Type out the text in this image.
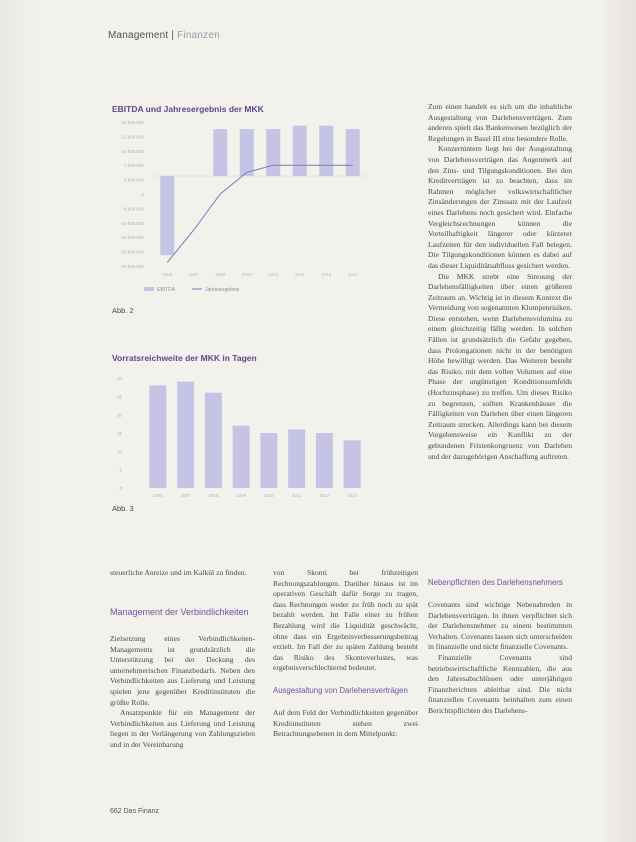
Management | Finanzen
EBITDA und Jahresergebnis der MKK
15.000.000
12.000.000
10.000.000
7.000.000
5.000.000
0
-5.000.000
-10.000.000
-15.000.000
-20.000.000
-25.000.000
2006	2007	2008	2009	2010	2011	2012	2013
EBITDA	Jahresergebnis
Abb. 2
Vorratsreichweite der MKK in Tagen
0
5
10
15
20
25
30
2006	2007	2008	2009	2010	2011	2012	2013
Abb. 3

steuerliche Anreize und im Kalkül zu finden.

Management der Verbindlichkeiten

Zielsetzung eines Verbindlichkeiten-Managements ist grundsätzlich die Unterstützung bei der Deckung des unternehmerischen Finanzbedarfs. Neben den Verbindlichkeiten aus Lieferung und Leistung spielen jene gegenüber Kreditinstituten die größte Rolle.

Ansatzpunkte für ein Management der Verbindlichkeiten aus Lieferung und Leistung liegen in der Verlängerung von Zahlungszielen und in der Vereinbarung

von Skonti bei frühzeitigen Rechnungszahlungen. Darüber hinaus ist im operativen Geschäft dafür Sorge zu tragen, dass Rechnungen weder zu früh noch zu spät bezahlt werden. Im Falle einer zu frühen Bezahlung wird die Liquidität geschwächt, ohne dass ein Ergebnisverbesserungsbeitrag erzielt. Im Fall der zu späten Zahlung besteht das Risiko des Skontoverlustes, was ergebnisverschlechternd bedeutet.

Ausgestaltung von Darlehensverträgen

Auf dem Feld der Verbindlichkeiten gegenüber Kreditinstituten stehen zwei Betrachtungsebenen in dem Mittelpunkt:

Zum einen handelt es sich um die inhaltliche Ausgestaltung von Darlehensverträgen. Zum anderen spielt das Bankenwesen bezüglich der Regelungen in Basel III eine besondere Rolle.

Konzernintern liegt bei der Ausgestaltung von Darlehensverträgen das Augenmerk auf den Zins- und Tilgungskonditionen. Bei den Kreditverträgen ist zu beachten, dass im Rahmen möglicher volkswirtschaftlicher Zinsänderungen der Zinssatz mit der Laufzeit eines Darlehens noch gesichert wird. Einfache Vergleichsrechnungen können die Vorteilhaftigkeit längerer oder kürzerer Laufzeiten für den individuellen Fall belegen. Die Tilgungskonditionen können es dabei auf das dieser Liquiditätsabfluss gesichert werden.

Die MKK strebt eine Streuung der Darlehensfälligkeiten über einen größeren Zeitraum an. Wichtig ist in diesem Kontext die Vermeidung von sogenannten Klumpenrisiken. Diese entstehen, wenn Darlehensvolumina zu einem gleichzeitig fällig werden. In solchen Fällen ist grundsätzlich die Gefahr gegeben, dass Prolongationen nicht in der benötigten Höhe bewilligt werden. Das Weiteren besteht das Risiko, mit dem vollen Volumen auf eine Phase der ungünstigen Konditionsumfelds (Hochzinsphase) zu treffen. Um dieses Risiko zu begrenzen, sollten Krankenhäuser die Fälligkeiten von Darlehen über einen längeren Zeitraum strecken. Allerdings kann bei diesem Vorgehensweise ein Konflikt zu der gebundenen Fristenkongruenz von Darlehen und der dazugehörigen Anschaffung auftreten.

Nebenpflichten des Darlehensnehmers

Covenants sind wichtige Nebenabreden in Darlehensverträgen. In ihnen verpflichtet sich der Darlehensnehmer zu einem bestimmten Verhalten. Covenants lassen sich unterscheiden in finanzielle und nicht finanzielle Covenants.

Finanzielle Covenants sind betriebswirtschaftliche Kennzahlen, die aus den Jahresabschlüssen oder unterjährigen Finanzberichten ableitbar sind. Die nicht finanziellen Covenants beinhalten zum einen Berichtspflichten des Darlehens-

662 Das Finanz
